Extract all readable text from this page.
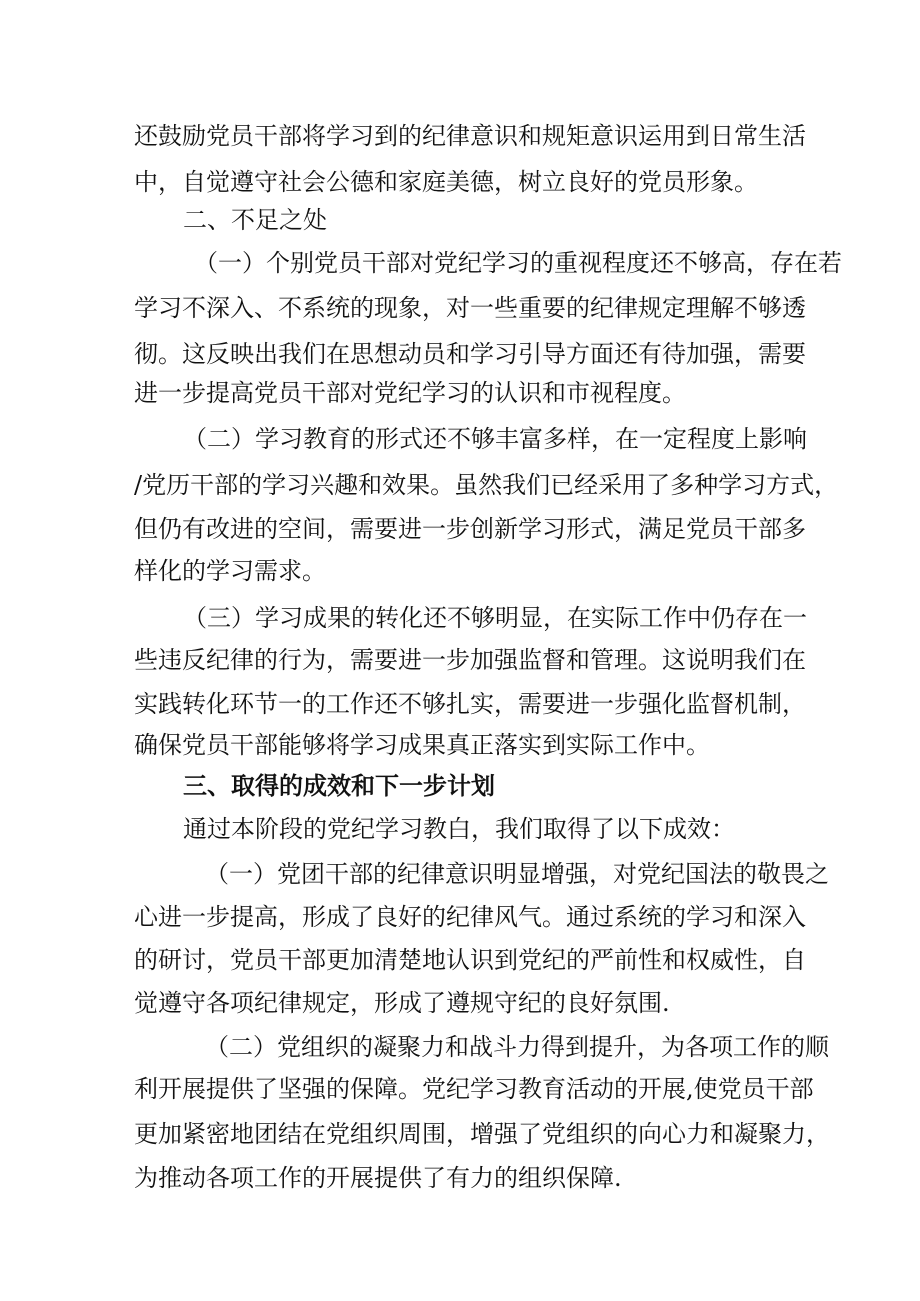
还鼓励党员干部将学习到的纪律意识和规矩意识运用到日常生活
中，自觉遵守社会公德和家庭美德，树立良好的党员形象。
二、不足之处
（一）个别党员干部对党纪学习的重视程度还不够高，存在若
学习不深入、不系统的现象，对一些重要的纪律规定理解不够透
彻。这反映出我们在思想动员和学习引导方面还有待加强，需要
进一步提高党员干部对党纪学习的认识和市视程度。
（二）学习教育的形式还不够丰富多样，在一定程度上影响
/党历干部的学习兴趣和效果。虽然我们已经采用了多种学习方式，
但仍有改进的空间，需要进一步创新学习形式，满足党员干部多
样化的学习需求。
（三）学习成果的转化还不够明显，在实际工作中仍存在一
些违反纪律的行为，需要进一步加强监督和管理。这说明我们在
实践转化环节一的工作还不够扎实，需要进一步强化监督机制，
确保党员干部能够将学习成果真正落实到实际工作中。
三、取得的成效和下一步计划
通过本阶段的党纪学习教白，我们取得了以下成效：
（一）党团干部的纪律意识明显增强，对党纪国法的敬畏之
心进一步提高，形成了良好的纪律风气。通过系统的学习和深入
的研讨，党员干部更加清楚地认识到党纪的严前性和权威性，自
觉遵守各项纪律规定，形成了遵规守纪的良好氛围.
（二）党组织的凝聚力和战斗力得到提升，为各项工作的顺
利开展提供了坚强的保障。党纪学习教育活动的开展,使党员干部
更加紧密地团结在党组织周围，增强了党组织的向心力和凝聚力，
为推动各项工作的开展提供了有力的组织保障.
